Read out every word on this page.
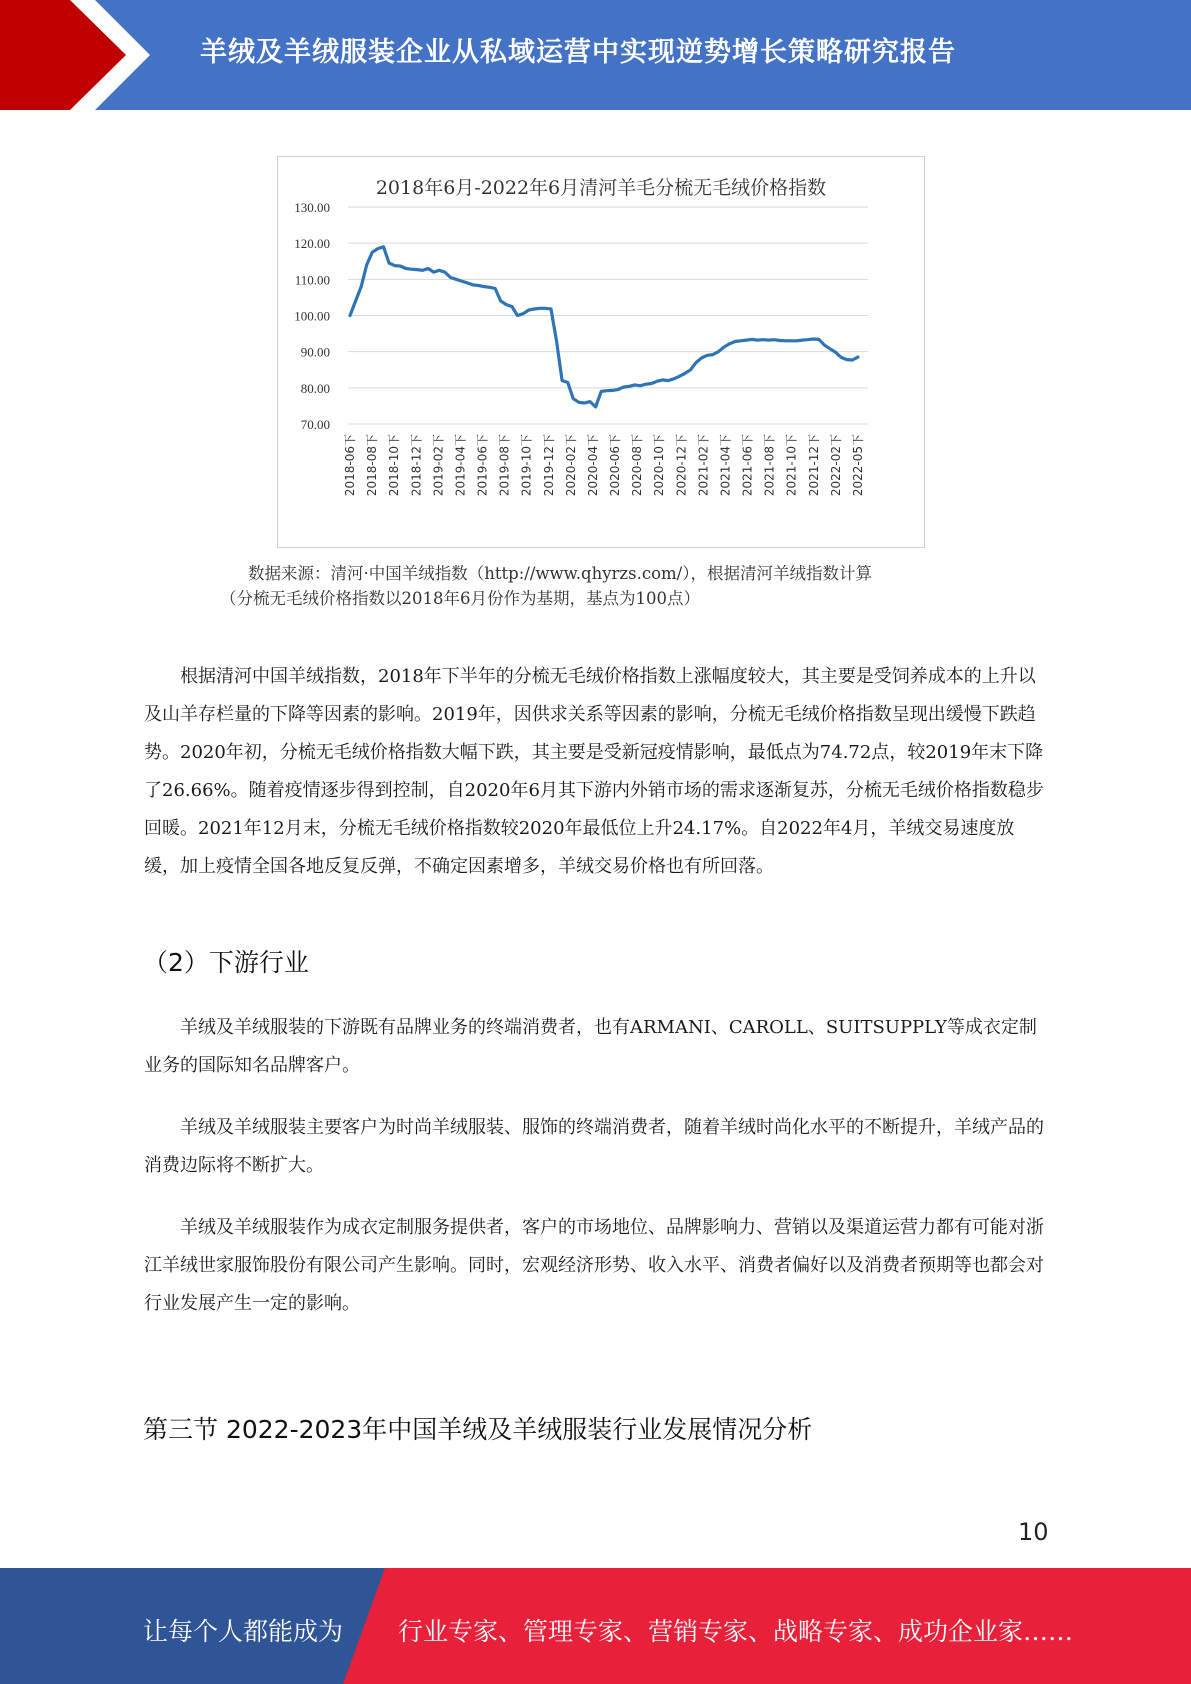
羊绒及羊绒服装企业从私域运营中实现逆势增长策略研究报告
130.00
120.00
110.00
100.00
90.00
80.00
70.00
2018-06下 2018-08下 2018-10下 2018-12下 2019-02下 2019-04下 2019-06下 2019-08下 2019-10下 2019-12下 2020-02下 2020-04下 2020-06下 2020-08下 2020-10下 2020-12下 2021-02下 2021-04下 2021-06下 2021-08下 2021-10下 2021-12下 2022-02下 2022-05下
2018年6月-2022年6月清河羊毛分梳无毛绒价格指数
数据来源：清河·中国羊绒指数（http://www.qhyrzs.com/），根据清河羊绒指数计算
（分梳无毛绒价格指数以2018年6月份作为基期，基点为100点）

根据清河中国羊绒指数，2018年下半年的分梳无毛绒价格指数上涨幅度较大，其主要是受饲养成本的上升以及山羊存栏量的下降等因素的影响。2019年，因供求关系等因素的影响，分梳无毛绒价格指数呈现出缓慢下跌趋势。2020年初，分梳无毛绒价格指数大幅下跌，其主要是受新冠疫情影响，最低点为74.72点，较2019年末下降了26.66%。随着疫情逐步得到控制，自2020年6月其下游内外销市场的需求逐渐复苏，分梳无毛绒价格指数稳步回暖。2021年12月末，分梳无毛绒价格指数较2020年最低位上升24.17%。自2022年4月，羊绒交易速度放缓，加上疫情全国各地反复反弹，不确定因素增多，羊绒交易价格也有所回落。

（2）下游行业

羊绒及羊绒服装的下游既有品牌业务的终端消费者，也有ARMANI、CAROLL、SUITSUPPLY等成衣定制业务的国际知名品牌客户。

羊绒及羊绒服装主要客户为时尚羊绒服装、服饰的终端消费者，随着羊绒时尚化水平的不断提升，羊绒产品的消费边际将不断扩大。

羊绒及羊绒服装作为成衣定制服务提供者，客户的市场地位、品牌影响力、营销以及渠道运营力都有可能对浙江羊绒世家服饰股份有限公司产生影响。同时，宏观经济形势、收入水平、消费者偏好以及消费者预期等也都会对行业发展产生一定的影响。

第三节 2022-2023年中国羊绒及羊绒服装行业发展情况分析
10
让每个人都能成为 行业专家、管理专家、营销专家、战略专家、成功企业家……
